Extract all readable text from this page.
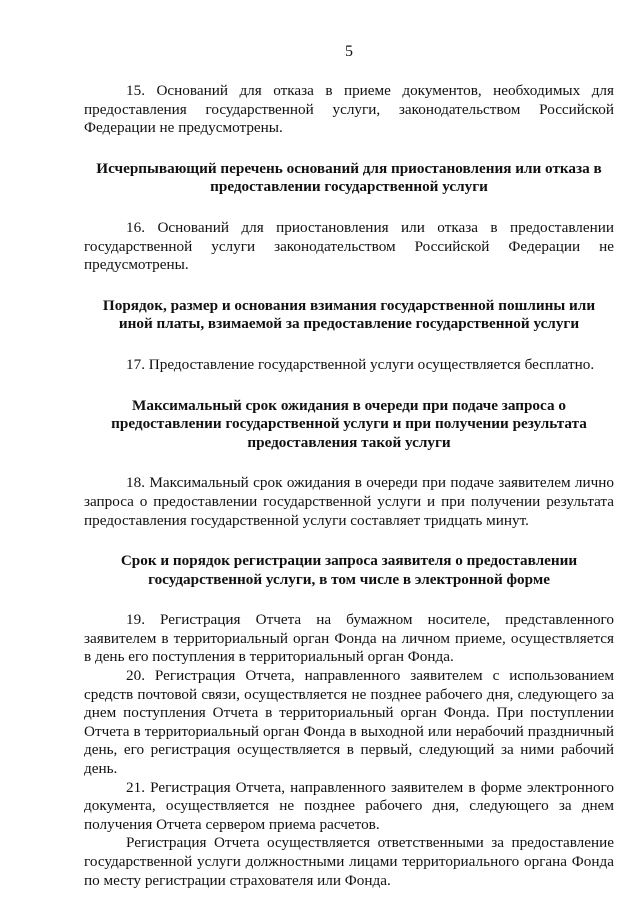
5

15. Оснований для отказа в приеме документов, необходимых для предоставления государственной услуги, законодательством Российской Федерации не предусмотрены.

Исчерпывающий перечень оснований для приостановления или отказа в предоставлении государственной услуги

16. Оснований для приостановления или отказа в предоставлении государственной услуги законодательством Российской Федерации не предусмотрены.

Порядок, размер и основания взимания государственной пошлины или иной платы, взимаемой за предоставление государственной услуги

17. Предоставление государственной услуги осуществляется бесплатно.

Максимальный срок ожидания в очереди при подаче запроса о предоставлении государственной услуги и при получении результата предоставления такой услуги

18. Максимальный срок ожидания в очереди при подаче заявителем лично запроса о предоставлении государственной услуги и при получении результата предоставления государственной услуги составляет тридцать минут.

Срок и порядок регистрации запроса заявителя о предоставлении государственной услуги, в том числе в электронной форме

19. Регистрация Отчета на бумажном носителе, представленного заявителем в территориальный орган Фонда на личном приеме, осуществляется в день его поступления в территориальный орган Фонда.

20. Регистрация Отчета, направленного заявителем с использованием средств почтовой связи, осуществляется не позднее рабочего дня, следующего за днем поступления Отчета в территориальный орган Фонда. При поступлении Отчета в территориальный орган Фонда в выходной или нерабочий праздничный день, его регистрация осуществляется в первый, следующий за ними рабочий день.

21. Регистрация Отчета, направленного заявителем в форме электронного документа, осуществляется не позднее рабочего дня, следующего за днем получения Отчета сервером приема расчетов.

Регистрация Отчета осуществляется ответственными за предоставление государственной услуги должностными лицами территориального органа Фонда по месту регистрации страхователя или Фонда.
